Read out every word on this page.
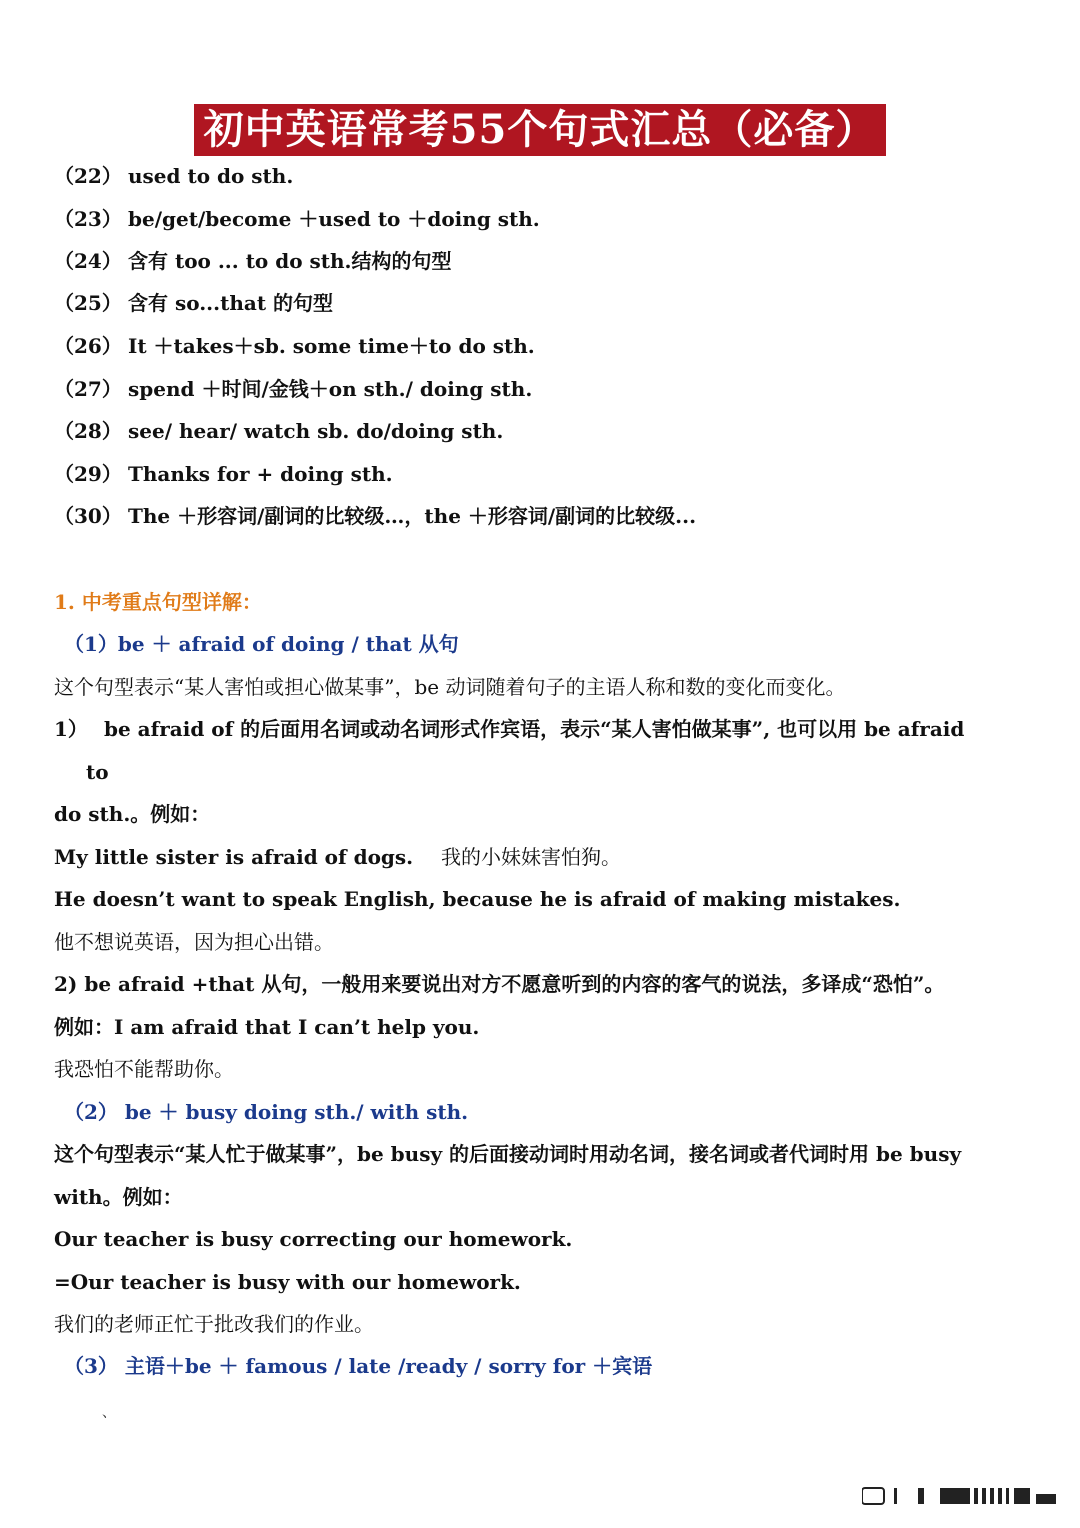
初中英语常考55个句式汇总（必备）
（22） used to do sth.
（23） be/get/become ＋used to ＋doing sth.
（24） 含有 too ... to do sth.结构的句型
（25） 含有 so...that 的句型
（26） It ＋takes＋sb. some time＋to do sth.
（27） spend ＋时间/金钱＋on sth./ doing sth.
（28） see/ hear/ watch sb. do/doing sth.
（29） Thanks for + doing sth.
（30） The ＋形容词/副词的比较级…，the ＋形容词/副词的比较级...
1. 中考重点句型详解：
（1）be ＋ afraid of doing / that 从句
这个句型表示“某人害怕或担心做某事”，be 动词随着句子的主语人称和数的变化而变化。
1） be afraid of 的后面用名词或动名词形式作宾语，表示“某人害怕做某事”, 也可以用 be afraid
to
do sth.。例如：
My little sister is afraid of dogs. 我的小妹妹害怕狗。
He doesn’t want to speak English, because he is afraid of making mistakes.
他不想说英语，因为担心出错。
2) be afraid +that 从句，一般用来要说出对方不愿意听到的内容的客气的说法，多译成“恐怕”。
例如：I am afraid that I can’t help you.
我恐怕不能帮助你。
（2） be ＋ busy doing sth./ with sth.
这个句型表示“某人忙于做某事”，be busy 的后面接动词时用动名词，接名词或者代词时用 be busy
with。例如：
Our teacher is busy correcting our homework.
=Our teacher is busy with our homework.
我们的老师正忙于批改我们的作业。
（3） 主语＋be ＋ famous / late /ready / sorry for ＋宾语
、
